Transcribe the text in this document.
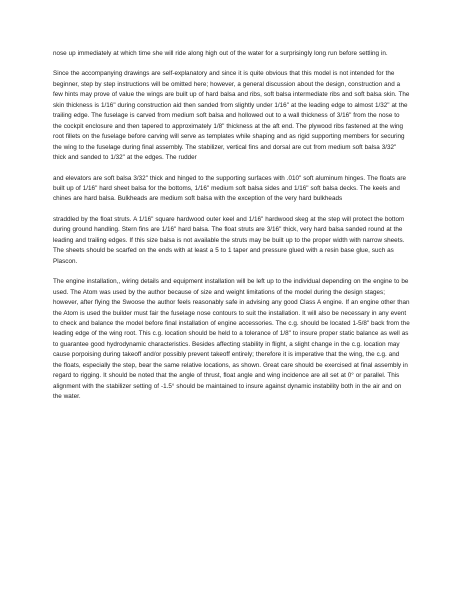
nose up immediately at which time she will ride along high out of the water for a surprisingly long run before settling in.

Since the accompanying drawings are self-explanatory and since it is quite obvious that this model is not intended for the beginner, step by step instructions will be omitted here; however, a general discussion about the design, construction and a few hints may prove of value the wings are built up of hard balsa and ribs, soft balsa intermediate ribs and soft balsa skin. The skin thickness is 1/16" during construction aid then sanded from slightly under 1/16" at the leading edge to almost 1/32" at the trailing edge. The fuselage is carved from medium soft balsa and hollowed out to a wall thickness of 3/16" from the nose to the cockpit enclosure and then tapered to approximately 1/8" thickness at the aft end. The plywood ribs fastened at the wing root fillets on the fuselage before carving will serve as templates while shaping and as rigid supporting members for securing the wing to the fuselage during final assembly. The stabilizer, vertical fins and dorsal are cut from medium soft balsa 3/32" thick and sanded to 1/32" at the edges. The rudder

and elevators are soft balsa 3/32" thick and hinged to the supporting surfaces with .010" soft aluminum hinges. The floats are built up of 1/16" hard sheet balsa for the bottoms, 1/16" medium soft balsa sides and 1/16" soft balsa decks. The keels and chines are hard balsa. Bulkheads are medium soft balsa with the exception of the very hard bulkheads

straddled by the float struts. A 1/16" square hardwood outer keel and 1/16" hardwood skeg at the step will protect the bottom during ground handling. Stern fins are 1/16" hard balsa. The float struts are 3/16" thick, very hard balsa sanded round at the leading and trailing edges. If this size balsa is not available the struts may be built up to the proper width with narrow sheets. The sheets should be scarfed on the ends with at least a 5 to 1 taper and pressure glued with a resin base glue, such as Plascon.

The engine installation,, wiring details and equipment installation will be left up to the individual depending on the engine to be used. The Atom was used by the author because of size and weight limitations of the model during the design stages; however, after flying the Swoose the author feels reasonably safe in advising any good Class A engine. If an engine other than the Atom is used the builder must fair the fuselage nose contours to suit the installation. It will also be necessary in any event to check and balance the model before final installation of engine accessories. The c.g. should be located 1-5/8" back from the leading edge of the wing root. This c.g. location should be held to a tolerance of 1/8" to insure proper static balance as well as to guarantee good hydrodynamic characteristics. Besides affecting stability in flight, a slight change in the c.g. location may cause porpoising during takeoff and/or possibly prevent takeoff entirely; therefore it is imperative that the wing, the c.g. and the floats, especially the step, bear the same relative locations, as shown. Great care should be exercised at final assembly in regard to rigging. It should be noted that the angle of thrust, float angle and wing incidence are all set at 0° or parallel. This alignment with the stabilizer setting of -1.5° should be maintained to insure against dynamic instability both in the air and on the water.
